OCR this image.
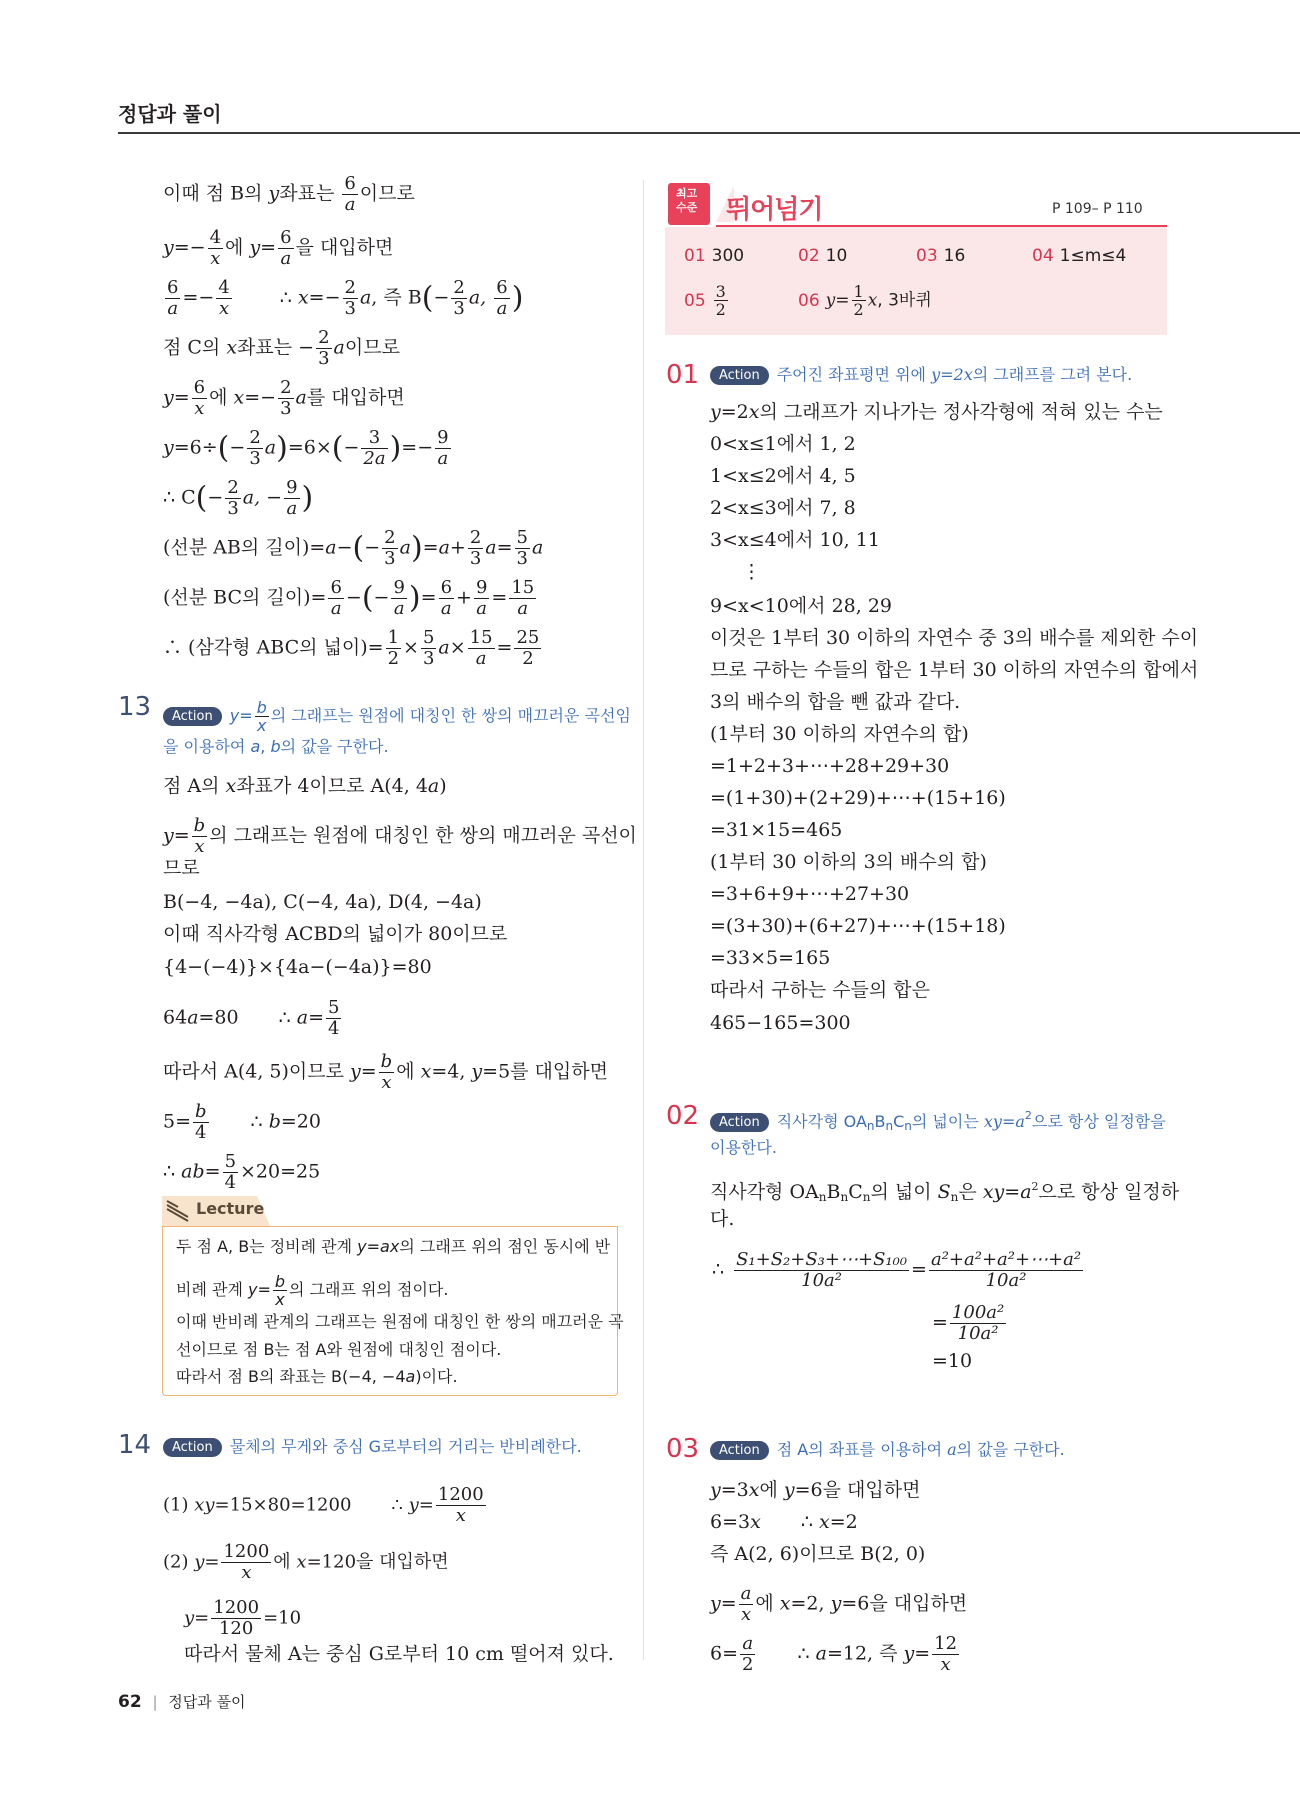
정답과 풀이
이때 점 B의 y좌표는 $\frac{6}{a}$ 이므로
$y=- \frac{4}{x}$ 에 $y= \frac{6}{a}$ 을 대입하면
$\frac{6}{a} =- \frac{4}{x}$	∴ $x=- \frac{2}{3} a$, 즉 $B(- \frac{2}{3} a$, $\frac{6}{a}$ )
점 C의 x좌표는 − $\frac{2}{3}$ a이므로
$y= \frac{6}{x}$ 에 $x=- \frac{2}{3}$ a를 대입하면
$y=6\div(- \frac{2}{3} a)=6\times(- \frac{3}{2a}$ )=− $\frac{9}{a}$
∴ $C(- \frac{2}{3} a$, − $\frac{9}{a}$ )
(선분 AB의 길이)$=a-(- \frac{2}{3} a)=a+ \frac{2}{3} a= \frac{5}{3}$ a
(선분 BC의 길이)= $\frac{6}{a}$ −(− $\frac{9}{a}$ )= $\frac{6}{a} + \frac{9}{a} = \frac{15}{a}$
∴ (삼각형 ABC의 넓이)= $\frac{1}{2} \times \frac{5}{3} a\times \frac{15}{a} = \frac{25}{2}$
13	Action $y= \frac{b}{x}$ 의 그래프는 원점에 대칭인 한 쌍의 매끄러운 곡선임
을 이용하여 a, b의 값을 구한다.
점 A의 x좌표가 4이므로 A(4, 4a)
$y= \frac{b}{x}$ 의 그래프는 원점에 대칭인 한 쌍의 매끄러운 곡선이
므로
B(−4, −4a), C(−4, 4a), D(4, −4a)
이때 직사각형 ACBD의 넓이가 80이므로
{4−(−4)}×{4a−(−4a)}=80
64a=80 ∴ $a= \frac{5}{4}$
따라서 A(4, 5)이므로 $y= \frac{b}{x}$ 에 x=4, y=5를 대입하면
$5= \frac{b}{4}$ ∴ b=20
∴ $ab= \frac{5}{4} \times 20=25$
Lecture
두 점 A, B는 정비례 관계 y=ax의 그래프 위의 점인 동시에 반
비례 관계 $y= \frac{b}{x}$ 의 그래프 위의 점이다.
이때 반비례 관계의 그래프는 원점에 대칭인 한 쌍의 매끄러운 곡
선이므로 점 B는 점 A와 원점에 대칭인 점이다.
따라서 점 B의 좌표는 B(−4, −4a)이다.
14	Action 물체의 무게와 중심 G로부터의 거리는 반비례한다.
(1) xy=15×80=1200 ∴ $y= \frac{1200}{x}$
(2) $y= \frac{1200}{x}$ 에 x=120을 대입하면
$y= \frac{1200}{120} =10$
따라서 물체 A는 중심 G로부터 10 cm 떨어져 있다.
62 | 정답과 풀이
최고
수준 뛰어넘기	P 109– P 110
01 300	02 10	03 16	04 1≤m≤4
$05 \frac{3}{2}$	06 $y= \frac{1}{2} x$, 3바퀴
01	Action 주어진 좌표평면 위에 y=2x의 그래프를 그려 본다.
y=2x의 그래프가 지나가는 정사각형에 적혀 있는 수는
0<x≤1에서 1, 2
1<x≤2에서 4, 5
2<x≤3에서 7, 8
3<x≤4에서 10, 11
⋮
9<x<10에서 28, 29
이것은 1부터 30 이하의 자연수 중 3의 배수를 제외한 수이
므로 구하는 수들의 합은 1부터 30 이하의 자연수의 합에서
3의 배수의 합을 뺀 값과 같다.
(1부터 30 이하의 자연수의 합)
=1+2+3+⋯+28+29+30
=(1+30)+(2+29)+⋯+(15+16)
=31×15=465
(1부터 30 이하의 3의 배수의 합)
=3+6+9+⋯+27+30
=(3+30)+(6+27)+⋯+(15+18)
=33×5=165
따라서 구하는 수들의 합은
465−165=300
02	Action 직사각형 $OA_nB_nC_n$의 넓이는 $xy=a^2$으로 항상 일정함을
이용한다.
직사각형 $OA_nB_nC_n$의 넓이 $S_n$은 $xy=a^2$으로 항상 일정하
다.
∴ $\frac{\text{S₁+S₂+S₃+⋯+S₁₀₀}}{\text{10a²}} = \frac{\text{a²+a²+a²+⋯+a²}}{\text{10a²}}$
= $\frac{\text{100a²}}{\text{10a²}}$
=10
03	Action 점 A의 좌표를 이용하여 a의 값을 구한다.
y=3x에 y=6을 대입하면
6=3x ∴ x=2
즉 A(2, 6)이므로 B(2, 0)
$y= \frac{a}{x}$ 에 x=2, y=6을 대입하면
$6= \frac{a}{2}$ ∴ a=12, 즉 $y= \frac{12}{x}$
